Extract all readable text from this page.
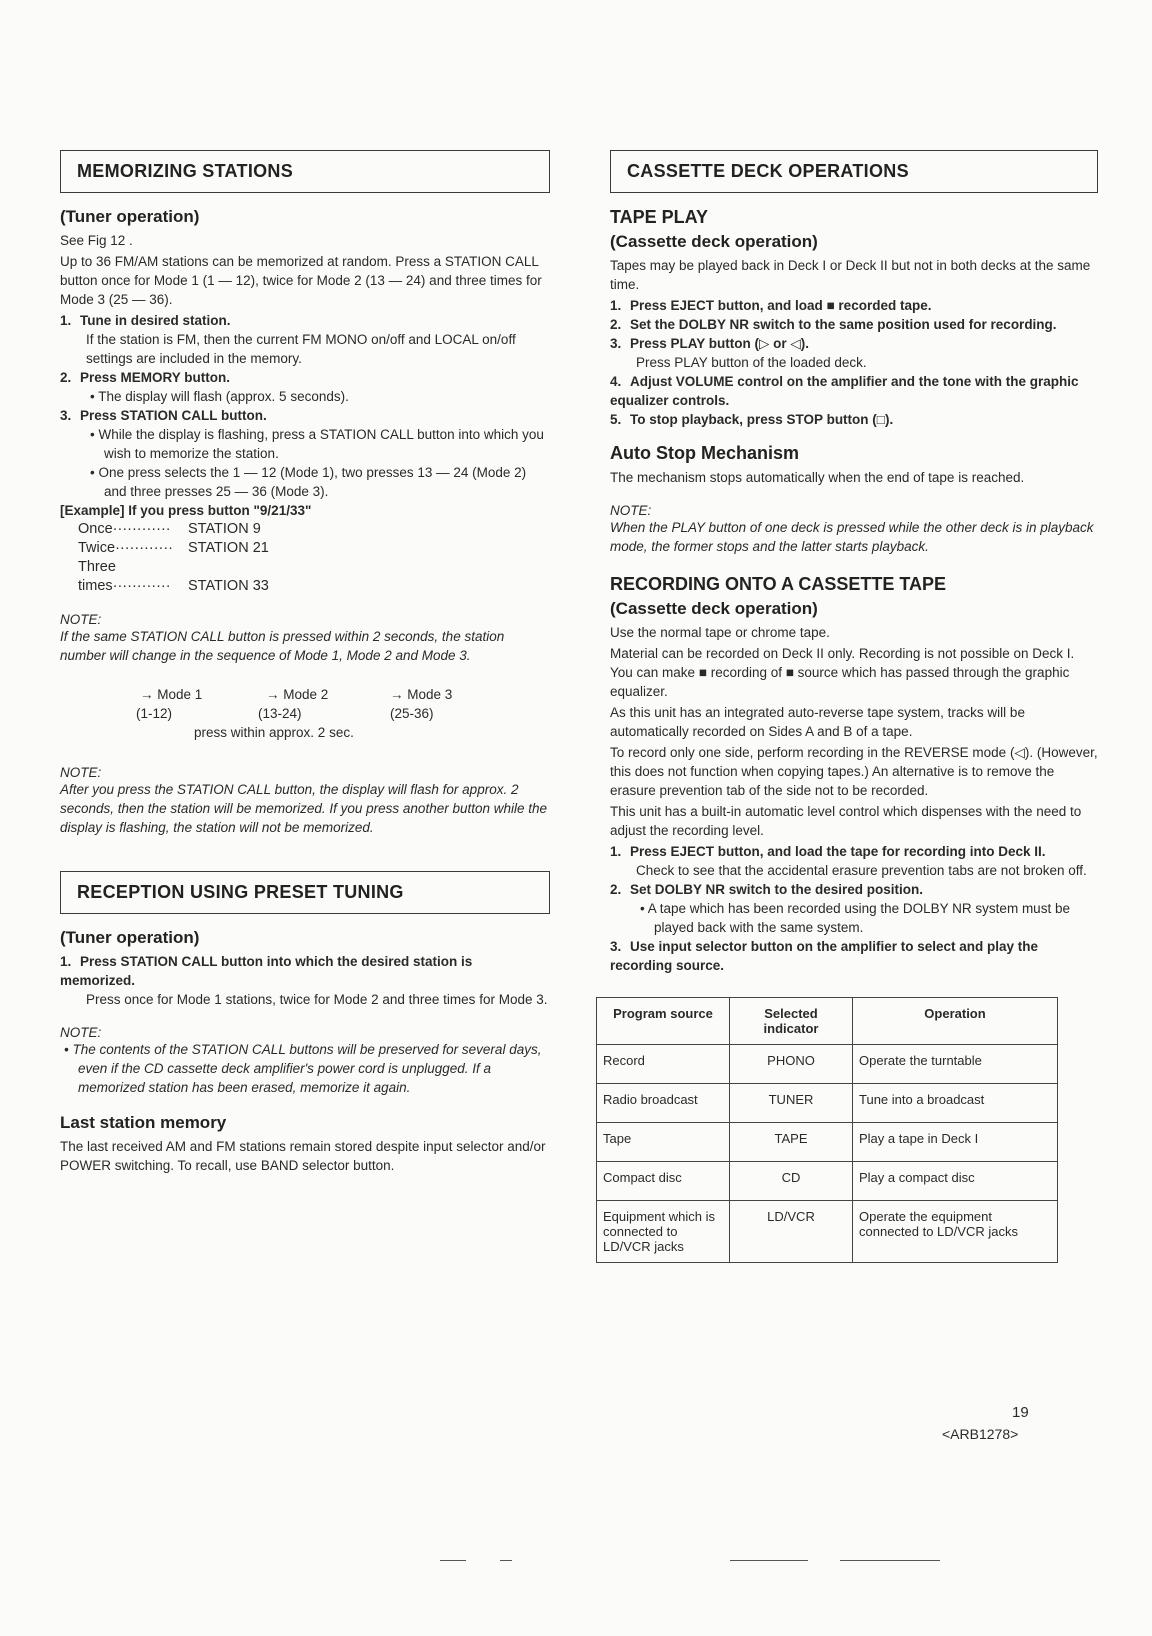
MEMORIZING STATIONS
(Tuner operation)

See Fig 12 .

Up to 36 FM/AM stations can be memorized at random. Press a STATION CALL button once for Mode 1 (1 — 12), twice for Mode 2 (13 — 24) and three times for Mode 3 (25 — 36).

1. Tune in desired station.
If the station is FM, then the current FM MONO on/off and LOCAL on/off settings are included in the memory.
2. Press MEMORY button.
• The display will flash (approx. 5 seconds).
3. Press STATION CALL button.
• While the display is flashing, press a STATION CALL button into which you wish to memorize the station.
• One press selects the 1 — 12 (Mode 1), two presses 13 — 24 (Mode 2) and three presses 25 — 36 (Mode 3).
[Example] If you press button "9/21/33"
Once············ STATION 9
Twice············ STATION 21
Three times············ STATION 33
NOTE:
If the same STATION CALL button is pressed within 2 seconds, the station number will change in the sequence of Mode 1, Mode 2 and Mode 3.
→ Mode 1	→ Mode 2	→ Mode 3
(1-12)	(13-24)	(25-36)
press within approx. 2 sec.
NOTE:
After you press the STATION CALL button, the display will flash for approx. 2 seconds, then the station will be memorized. If you press another button while the display is flashing, the station will not be memorized.
RECEPTION USING PRESET TUNING
(Tuner operation)
1. Press STATION CALL button into which the desired station is memorized.
Press once for Mode 1 stations, twice for Mode 2 and three times for Mode 3.
NOTE:
• The contents of the STATION CALL buttons will be preserved for several days, even if the CD cassette deck amplifier's power cord is unplugged. If a memorized station has been erased, memorize it again.
Last station memory

The last received AM and FM stations remain stored despite input selector and/or POWER switching. To recall, use BAND selector button.

CASSETTE DECK OPERATIONS
TAPE PLAY
(Cassette deck operation)

Tapes may be played back in Deck I or Deck II but not in both decks at the same time.

1. Press EJECT button, and load ■ recorded tape.
2. Set the DOLBY NR switch to the same position used for recording.
3. Press PLAY button (▷ or ◁).
Press PLAY button of the loaded deck.
4. Adjust VOLUME control on the amplifier and the tone with the graphic equalizer controls.
5. To stop playback, press STOP button (□).
Auto Stop Mechanism

The mechanism stops automatically when the end of tape is reached.

NOTE:
When the PLAY button of one deck is pressed while the other deck is in playback mode, the former stops and the latter starts playback.
RECORDING ONTO A CASSETTE TAPE
(Cassette deck operation)

Use the normal tape or chrome tape.

Material can be recorded on Deck II only. Recording is not possible on Deck I. You can make ■ recording of ■ source which has passed through the graphic equalizer.

As this unit has an integrated auto-reverse tape system, tracks will be automatically recorded on Sides A and B of a tape.

To record only one side, perform recording in the REVERSE mode (◁). (However, this does not function when copying tapes.) An alternative is to remove the erasure prevention tab of the side not to be recorded.

This unit has a built-in automatic level control which dispenses with the need to adjust the recording level.

1. Press EJECT button, and load the tape for recording into Deck II.
Check to see that the accidental erasure prevention tabs are not broken off.
2. Set DOLBY NR switch to the desired position.
• A tape which has been recorded using the DOLBY NR system must be played back with the same system.
3. Use input selector button on the amplifier to select and play the recording source.
Program source	Selected indicator	Operation
Record	PHONO	Operate the turntable
Radio broadcast	TUNER	Tune into a broadcast
Tape	TAPE	Play a tape in Deck I
Compact disc	CD	Play a compact disc
Equipment which is connected to LD/VCR jacks	LD/VCR	Operate the equipment connected to LD/VCR jacks
19
<ARB1278>
